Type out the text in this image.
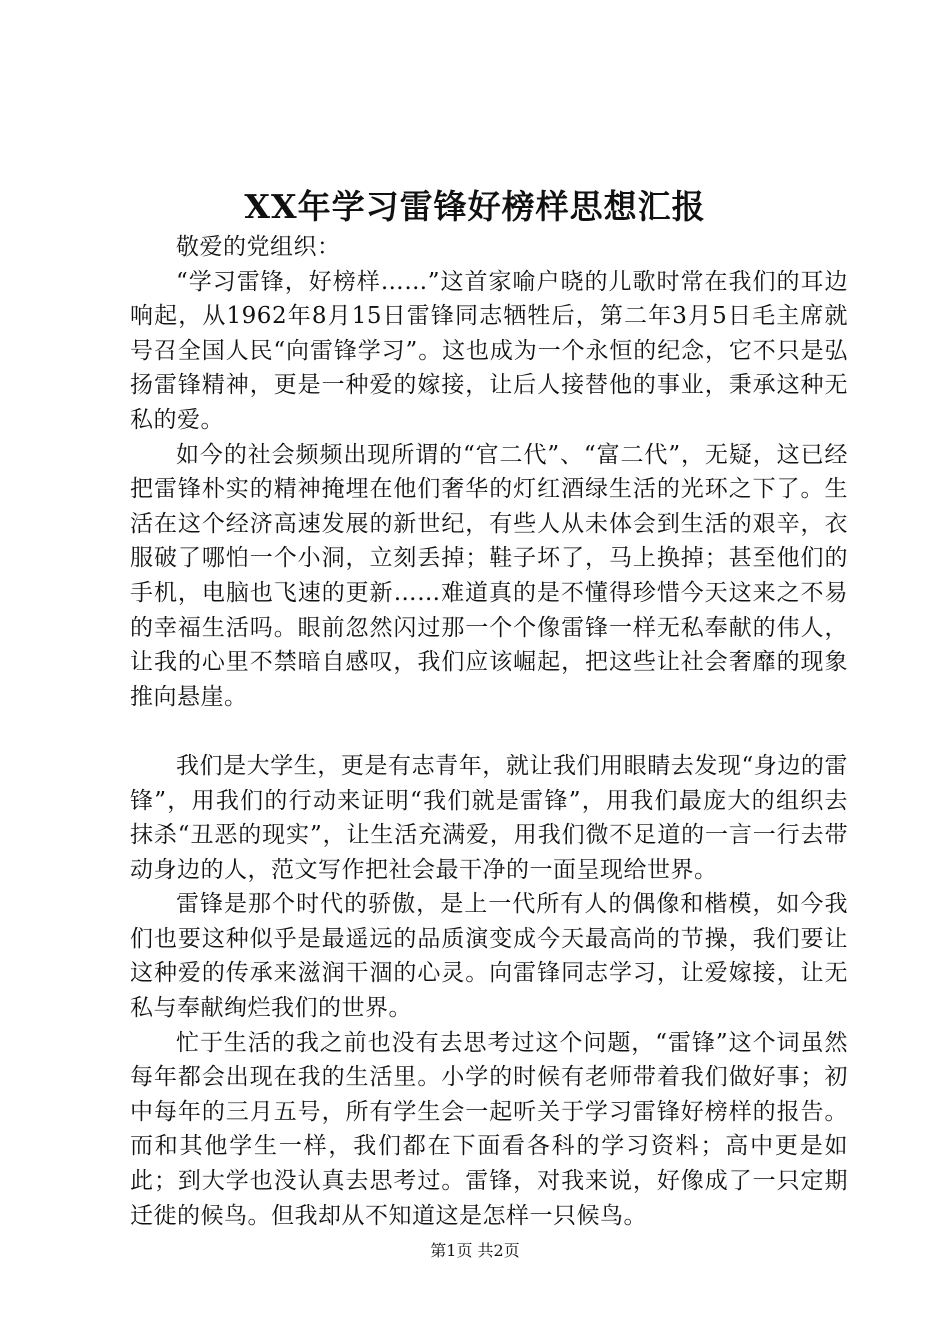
XX年学习雷锋好榜样思想汇报

敬爱的党组织：

“学习雷锋，好榜样……”这首家喻户晓的儿歌时常在我们的耳边响起，从1962年8月15日雷锋同志牺牲后，第二年3月5日毛主席就号召全国人民“向雷锋学习”。这也成为一个永恒的纪念，它不只是弘扬雷锋精神，更是一种爱的嫁接，让后人接替他的事业，秉承这种无私的爱。

如今的社会频频出现所谓的“官二代”、“富二代”，无疑，这已经把雷锋朴实的精神掩埋在他们奢华的灯红酒绿生活的光环之下了。生活在这个经济高速发展的新世纪，有些人从未体会到生活的艰辛，衣服破了哪怕一个小洞，立刻丢掉；鞋子坏了，马上换掉；甚至他们的手机，电脑也飞速的更新……难道真的是不懂得珍惜今天这来之不易的幸福生活吗。眼前忽然闪过那一个个像雷锋一样无私奉献的伟人，让我的心里不禁暗自感叹，我们应该崛起，把这些让社会奢靡的现象推向悬崖。

我们是大学生，更是有志青年，就让我们用眼睛去发现“身边的雷锋”，用我们的行动来证明“我们就是雷锋”，用我们最庞大的组织去抹杀“丑恶的现实”，让生活充满爱，用我们微不足道的一言一行去带动身边的人，范文写作把社会最干净的一面呈现给世界。

雷锋是那个时代的骄傲，是上一代所有人的偶像和楷模，如今我们也要这种似乎是最遥远的品质演变成今天最高尚的节操，我们要让这种爱的传承来滋润干涸的心灵。向雷锋同志学习，让爱嫁接，让无私与奉献绚烂我们的世界。

忙于生活的我之前也没有去思考过这个问题，“雷锋”这个词虽然每年都会出现在我的生活里。小学的时候有老师带着我们做好事；初中每年的三月五号，所有学生会一起听关于学习雷锋好榜样的报告。而和其他学生一样，我们都在下面看各科的学习资料；高中更是如此；到大学也没认真去思考过。雷锋，对我来说，好像成了一只定期迁徙的候鸟。但我却从不知道这是怎样一只候鸟。

第1页 共2页
